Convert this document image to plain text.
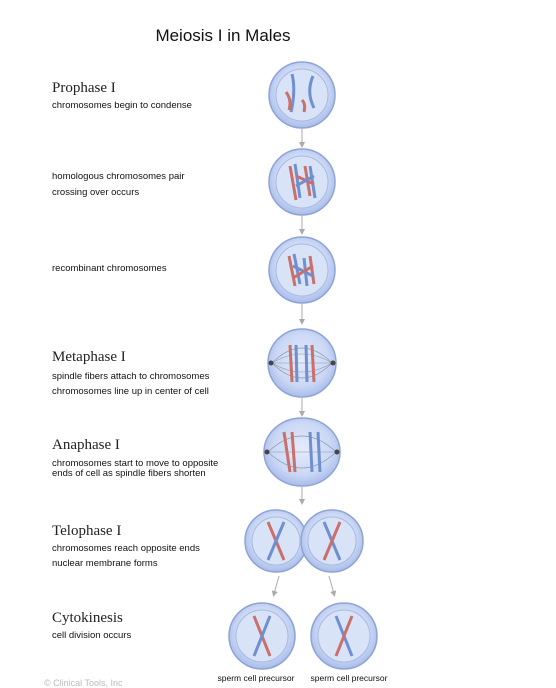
Meiosis I in Males
Prophase I
chromosomes begin to condense
homologous chromosomes pair
crossing over occurs
recombinant chromosomes
Metaphase I
spindle fibers attach to chromosomes
chromosomes line up in center of cell
Anaphase I
chromosomes start to move to opposite
ends of cell as spindle fibers shorten
Telophase I
chromosomes reach opposite ends
nuclear membrane forms
Cytokinesis
cell division occurs
sperm cell precursor	sperm cell precursor
© Clinical Tools, Inc
